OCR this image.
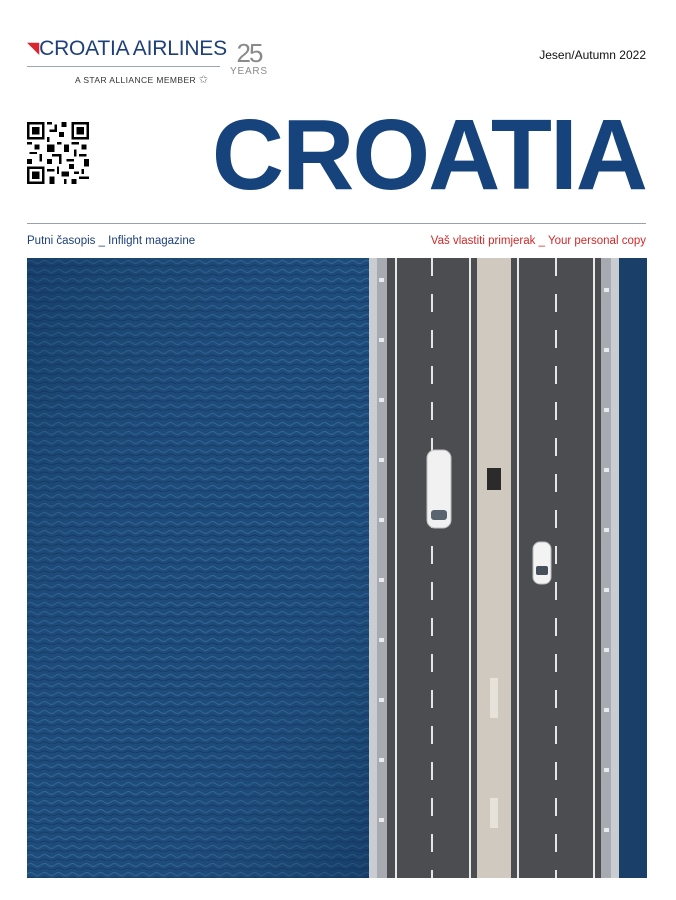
◥CROATIA AIRLINES
A STAR ALLIANCE MEMBER ✩
25
YEARS
Jesen/Autumn 2022
CROATIA
Putni časopis _ Inflight magazine	Vaš vlastiti primjerak _ Your personal copy
